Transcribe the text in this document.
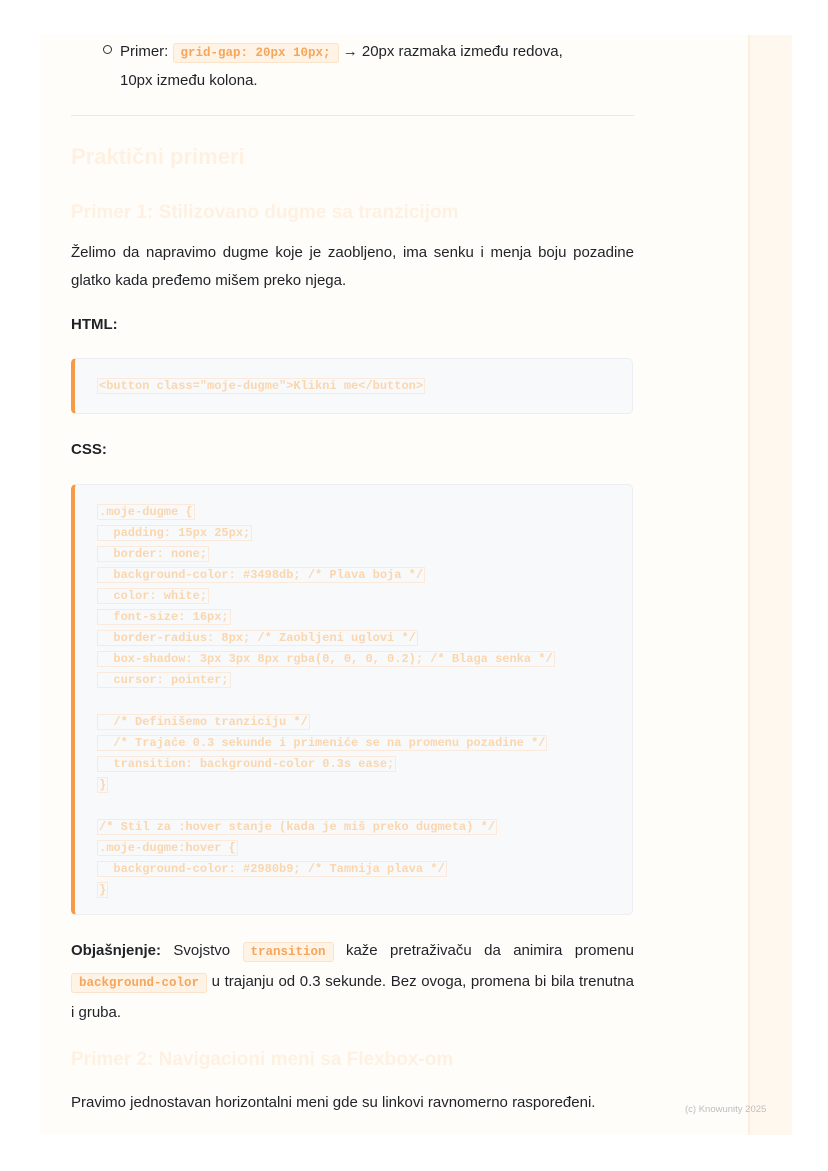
Primer: grid-gap: 20px 10px; → 20px razmaka između redova,
10px između kolona.
Praktični primeri
Primer 1: Stilizovano dugme sa tranzicijom

Želimo da napravimo dugme koje je zaobljeno, ima senku i menja boju pozadine glatko kada pređemo mišem preko njega.

HTML:
<button class="moje-dugme">Klikni me</button>
CSS:
.moje-dugme {
padding: 15px 25px;
border: none;
background-color: #3498db; /* Plava boja */
color: white;
font-size: 16px;
border-radius: 8px; /* Zaobljeni uglovi */
box-shadow: 3px 3px 8px rgba(0, 0, 0, 0.2); /* Blaga senka */
cursor: pointer;
/* Definišemo tranziciju */
/* Trajaće 0.3 sekunde i primeniće se na promenu pozadine */
transition: background-color 0.3s ease;
}
/* Stil za :hover stanje (kada je miš preko dugmeta) */
.moje-dugme:hover {
background-color: #2980b9; /* Tamnija plava */
}
Objašnjenje: Svojstvo transition kaže pretraživaču da animira promenu background-color u trajanju od 0.3 sekunde. Bez ovoga, promena bi bila trenutna i gruba.
Primer 2: Navigacioni meni sa Flexbox-om

Pravimo jednostavan horizontalni meni gde su linkovi ravnomerno raspoređeni.	(c) Knowunity 2025
